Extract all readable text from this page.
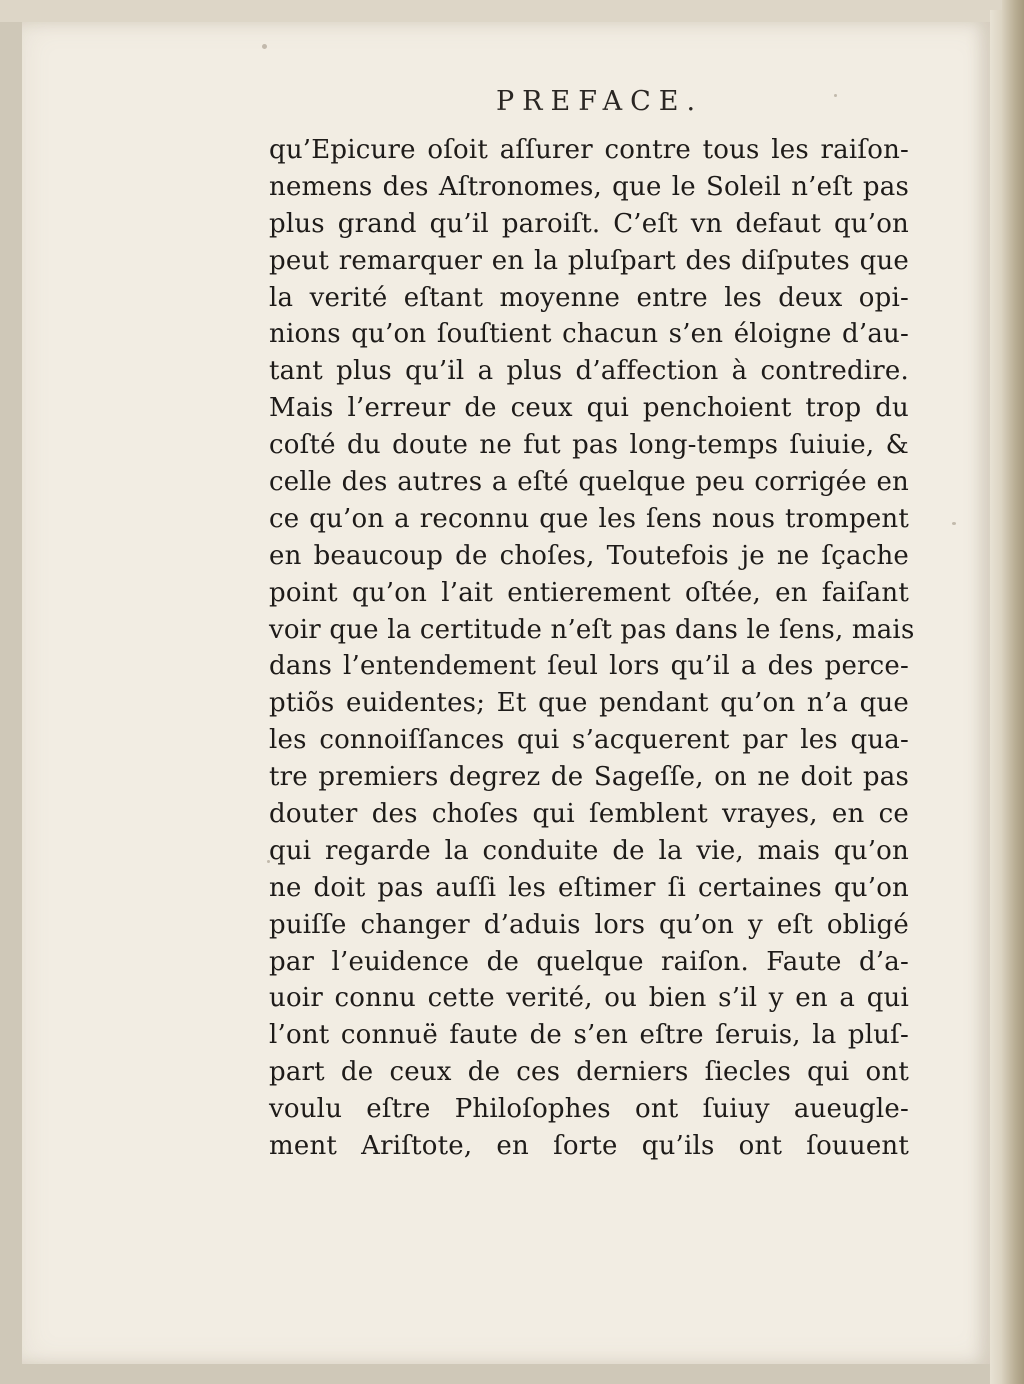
PREFACE.
qu’Epicure oſoit aſſurer contre tous les raiſon-
nemens des Aſtronomes, que le Soleil n’eſt pas
plus grand qu’il paroiſt. C’eſt vn defaut qu’on
peut remarquer en la pluſpart des diſputes que
la verité eſtant moyenne entre les deux opi-
nions qu’on ſouſtient chacun s’en éloigne d’au-
tant plus qu’il a plus d’affection à contredire.
Mais l’erreur de ceux qui penchoient trop du
coſté du doute ne fut pas long-temps ſuiuie, &
celle des autres a eſté quelque peu corrigée en
ce qu’on a reconnu que les ſens nous trompent
en beaucoup de choſes, Toutefois je ne ſçache
point qu’on l’ait entierement oſtée, en faiſant
voir que la certitude n’eſt pas dans le ſens, mais
dans l’entendement ſeul lors qu’il a des perce-
ptiõs euidentes; Et que pendant qu’on n’a que
les connoiſſances qui s’acquerent par les qua-
tre premiers degrez de Sageſſe, on ne doit pas
douter des choſes qui ſemblent vrayes, en ce
qui regarde la conduite de la vie, mais qu’on
ne doit pas auſſi les eſtimer ſi certaines qu’on
puiſſe changer d’aduis lors qu’on y eſt obligé
par l’euidence de quelque raiſon. Faute d’a-
uoir connu cette verité, ou bien s’il y en a qui
l’ont connuë faute de s’en eſtre ſeruis, la pluſ-
part de ceux de ces derniers ſiecles qui ont
voulu eſtre Philoſophes ont ſuiuy aueugle-
ment Ariſtote, en ſorte qu’ils ont ſouuent
